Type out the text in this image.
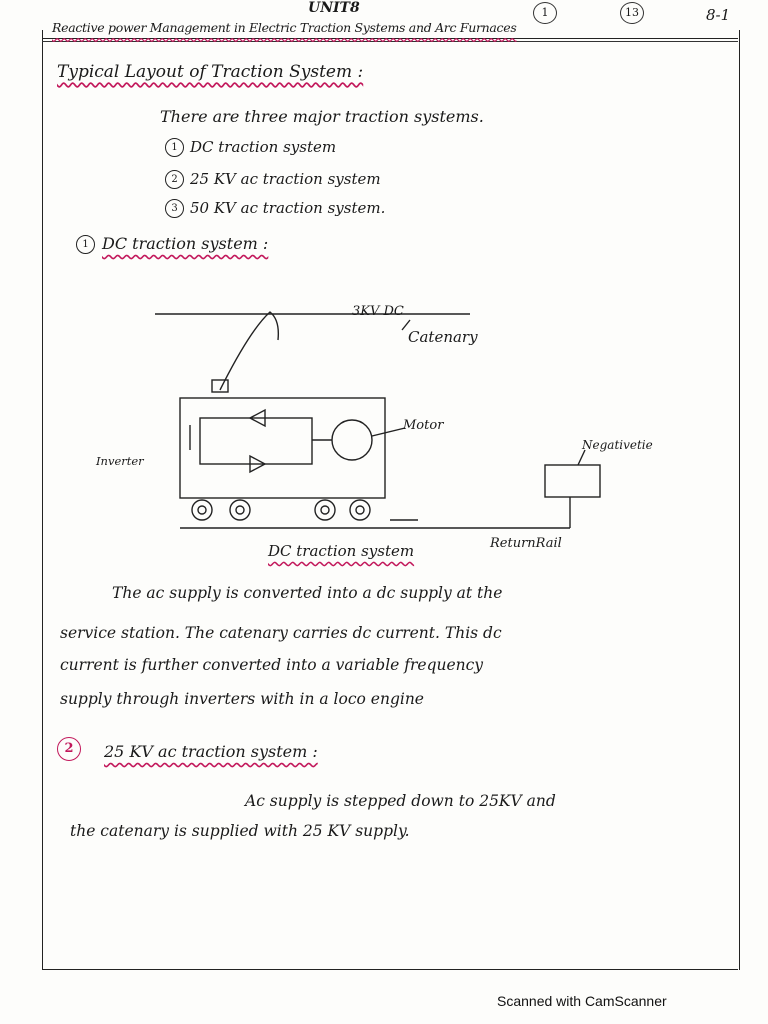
UNIT8	1	13	8-1
Reactive power Management in Electric Traction Systems and Arc Furnaces
Typical Layout of Traction System :
There are three major traction systems.
1 DC traction system
2 25 KV ac traction system
3 50 KV ac traction system.
1 DC traction system :
3KV DC
Catenary
Motor
Inverter
Negativetie
ReturnRail
DC traction system
The ac supply is converted into a dc supply at the
service station. The catenary carries dc current. This dc
current is further converted into a variable frequency
supply through inverters with in a loco engine
2	25 KV ac traction system :
Ac supply is stepped down to 25KV and
the catenary is supplied with 25 KV supply.
Scanned with CamScanner
